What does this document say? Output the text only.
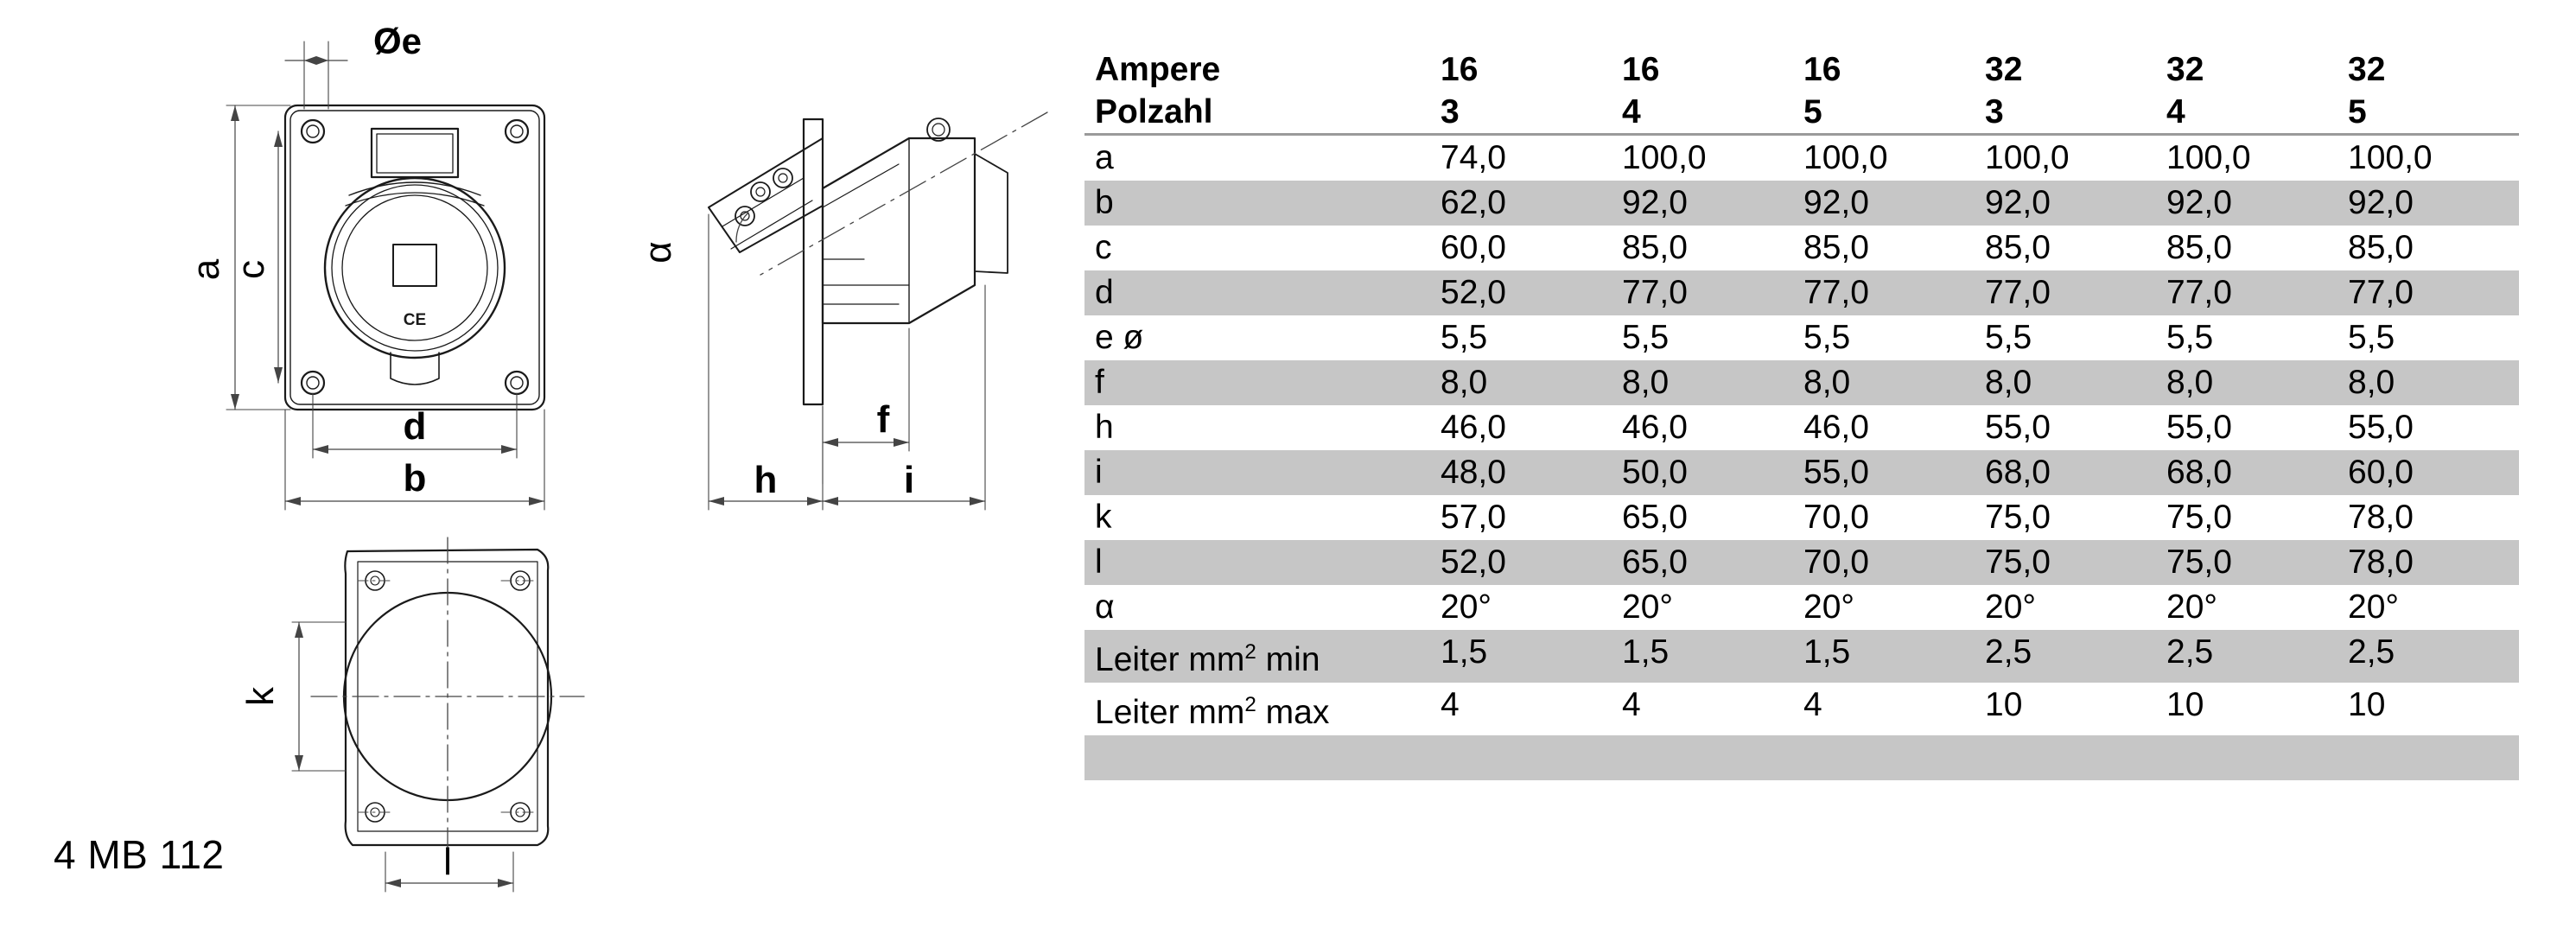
CE
Øe
a c
d
b
α
f
h	i
k
l
4 MB 112
Ampere	16	16	16	32	32	32
Polzahl	3	4	5	3	4	5
a	74,0	100,0	100,0	100,0	100,0	100,0
b	62,0	92,0	92,0	92,0	92,0	92,0
c	60,0	85,0	85,0	85,0	85,0	85,0
d	52,0	77,0	77,0	77,0	77,0	77,0
e ø	5,5	5,5	5,5	5,5	5,5	5,5
f	8,0	8,0	8,0	8,0	8,0	8,0
h	46,0	46,0	46,0	55,0	55,0	55,0
i	48,0	50,0	55,0	68,0	68,0	60,0
k	57,0	65,0	70,0	75,0	75,0	78,0
l	52,0	65,0	70,0	75,0	75,0	78,0
α	20°	20°	20°	20°	20°	20°
Leiter $mm^2$ min	1,5	1,5	1,5	2,5	2,5	2,5
Leiter $mm^2$ max	4	4	4	10	10	10
